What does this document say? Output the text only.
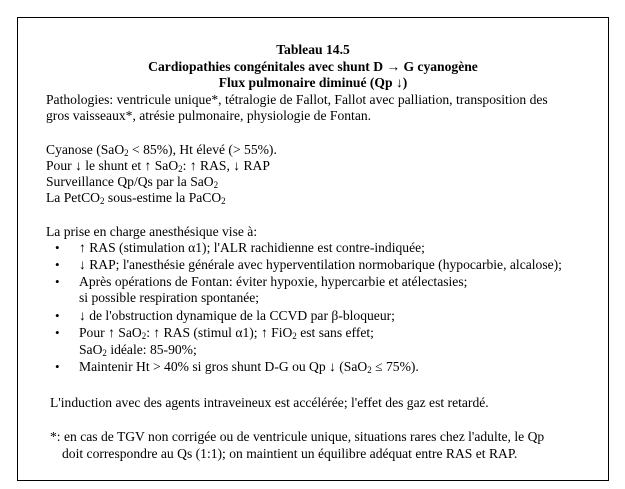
Tableau 14.5
Cardiopathies congénitales avec shunt D → G cyanogène
Flux pulmonaire diminué (Qp ↓)
Pathologies: ventricule unique*, tétralogie de Fallot, Fallot avec palliation, transposition des
gros vaisseaux*, atrésie pulmonaire, physiologie de Fontan.
Cyanose (SaO$_2$ < 85%), Ht élevé (> 55%).
Pour ↓ le shunt et ↑ SaO$_2$: ↑ RAS, ↓ RAP
Surveillance Qp/Qs par la SaO$_2$
La PetCO$_2$ sous-estime la PaCO$_2$
La prise en charge anesthésique vise à:
• ↑ RAS (stimulation α1); l'ALR rachidienne est contre-indiquée;
• ↓ RAP; l'anesthésie générale avec hyperventilation normobarique (hypocarbie, alcalose);
• Après opérations de Fontan: éviter hypoxie, hypercarbie et atélectasies;
si possible respiration spontanée;
• ↓ de l'obstruction dynamique de la CCVD par β-bloqueur;
• Pour ↑ SaO$_2$: ↑ RAS (stimul α1); ↑ FiO$_2$ est sans effet;
SaO$_2$ idéale: 85-90%;
• Maintenir Ht > 40% si gros shunt D-G ou Qp ↓ (SaO$_2$ ≤ 75%).
L'induction avec des agents intraveineux est accélérée; l'effet des gaz est retardé.
*: en cas de TGV non corrigée ou de ventricule unique, situations rares chez l'adulte, le Qp
doit correspondre au Qs (1:1); on maintient un équilibre adéquat entre RAS et RAP.
